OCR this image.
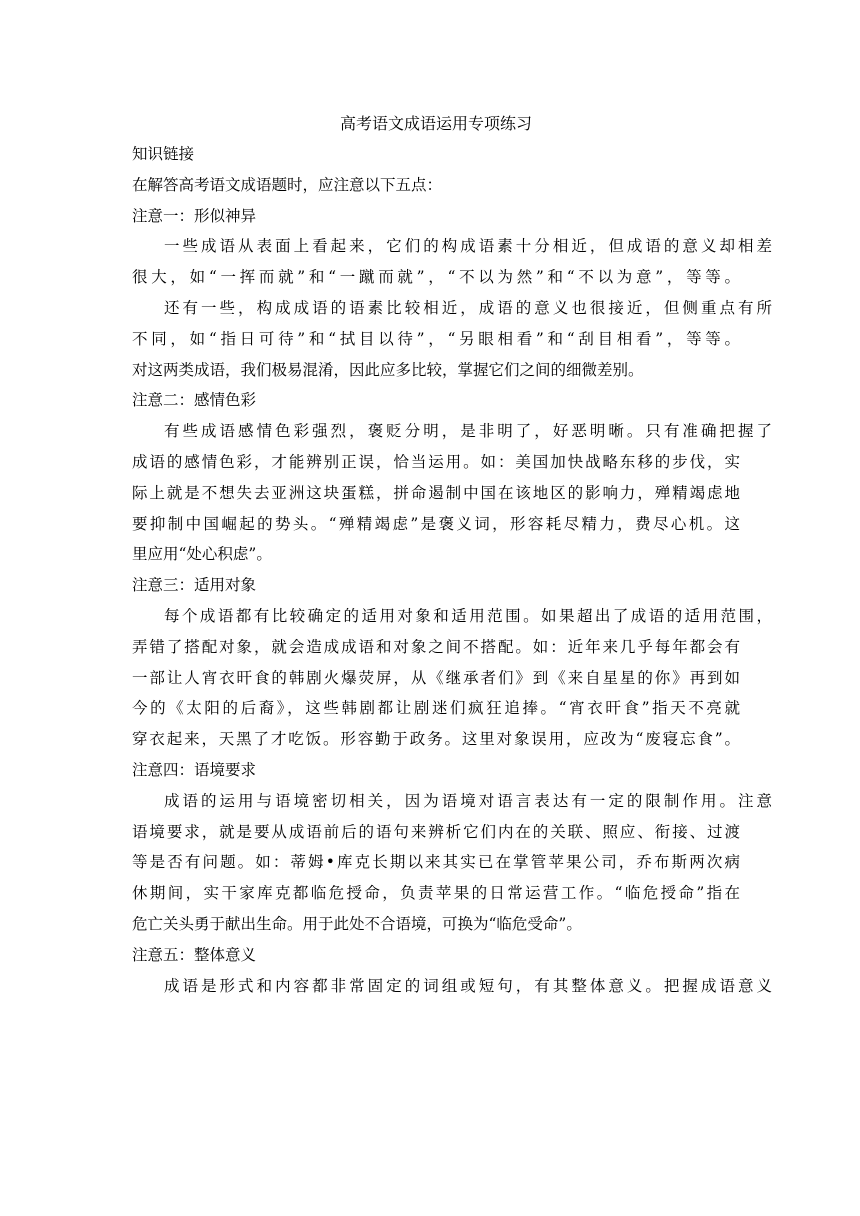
高考语文成语运用专项练习

知识链接

在解答高考语文成语题时，应注意以下五点：

注意一：形似神异

一些成语从表面上看起来，它们的构成语素十分相近，但成语的意义却相差

很大，如“一挥而就”和“一蹴而就”，“不以为然”和“不以为意”，等等。

还有一些，构成成语的语素比较相近，成语的意义也很接近，但侧重点有所

不同，如“指日可待”和“拭目以待”，“另眼相看”和“刮目相看”，等等。

对这两类成语，我们极易混淆，因此应多比较，掌握它们之间的细微差别。

注意二：感情色彩

有些成语感情色彩强烈，褒贬分明，是非明了，好恶明晰。只有准确把握了

成语的感情色彩，才能辨别正误，恰当运用。如：美国加快战略东移的步伐，实

际上就是不想失去亚洲这块蛋糕，拼命遏制中国在该地区的影响力，殚精竭虑地

要抑制中国崛起的势头。“殚精竭虑”是褒义词，形容耗尽精力，费尽心机。这

里应用“处心积虑”。

注意三：适用对象

每个成语都有比较确定的适用对象和适用范围。如果超出了成语的适用范围，

弄错了搭配对象，就会造成成语和对象之间不搭配。如：近年来几乎每年都会有

一部让人宵衣旰食的韩剧火爆荧屏，从《继承者们》到《来自星星的你》再到如

今的《太阳的后裔》，这些韩剧都让剧迷们疯狂追捧。“宵衣旰食”指天不亮就

穿衣起来，天黑了才吃饭。形容勤于政务。这里对象误用，应改为“废寝忘食”。

注意四：语境要求

成语的运用与语境密切相关，因为语境对语言表达有一定的限制作用。注意

语境要求，就是要从成语前后的语句来辨析它们内在的关联、照应、衔接、过渡

等是否有问题。如：蒂姆•库克长期以来其实已在掌管苹果公司，乔布斯两次病

休期间，实干家库克都临危授命，负责苹果的日常运营工作。“临危授命”指在

危亡关头勇于献出生命。用于此处不合语境，可换为“临危受命”。

注意五：整体意义

成语是形式和内容都非常固定的词组或短句，有其整体意义。把握成语意义
